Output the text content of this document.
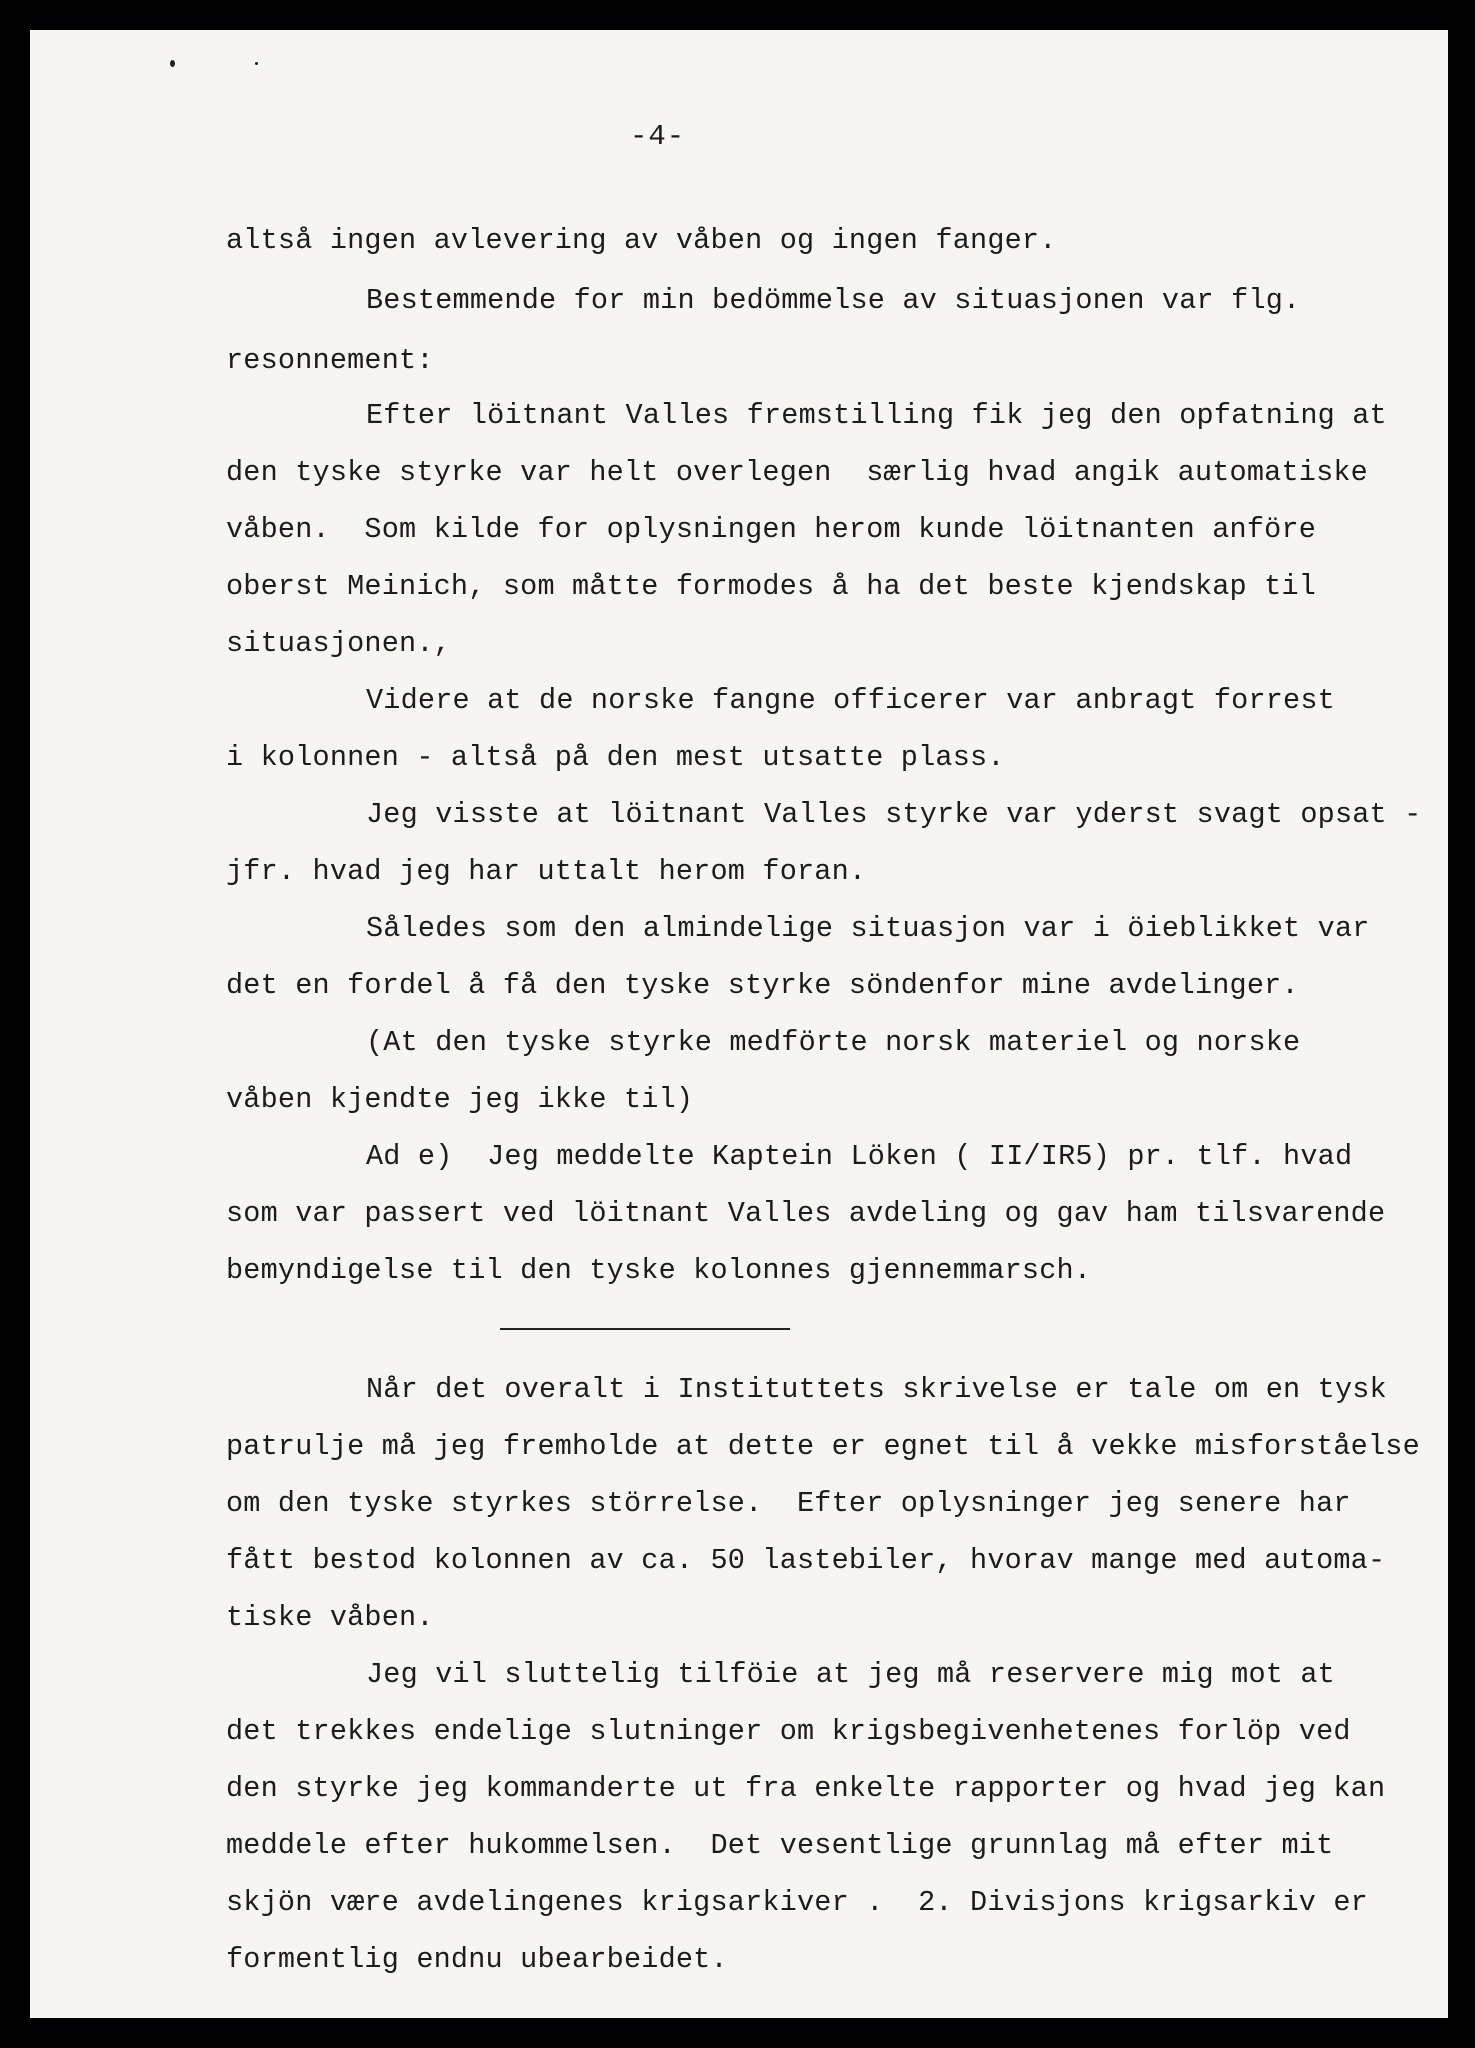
-4-
altså ingen avlevering av våben og ingen fanger.
Bestemmende for min bedömmelse av situasjonen var flg.
resonnement:
Efter löitnant Valles fremstilling fik jeg den opfatning at
den tyske styrke var helt overlegen  særlig hvad angik automatiske
våben.  Som kilde for oplysningen herom kunde löitnanten anföre
oberst Meinich, som måtte formodes å ha det beste kjendskap til
situasjonen.,
Videre at de norske fangne officerer var anbragt forrest
i kolonnen - altså på den mest utsatte plass.
Jeg visste at löitnant Valles styrke var yderst svagt opsat -
jfr. hvad jeg har uttalt herom foran.
Således som den almindelige situasjon var i öieblikket var
det en fordel å få den tyske styrke söndenfor mine avdelinger.
(At den tyske styrke medförte norsk materiel og norske
våben kjendte jeg ikke til)
Ad e)  Jeg meddelte Kaptein Löken ( II/IR5) pr. tlf. hvad
som var passert ved löitnant Valles avdeling og gav ham tilsvarende
bemyndigelse til den tyske kolonnes gjennemmarsch.
Når det overalt i Instituttets skrivelse er tale om en tysk
patrulje må jeg fremholde at dette er egnet til å vekke misforståelse
om den tyske styrkes störrelse.  Efter oplysninger jeg senere har
fått bestod kolonnen av ca. 50 lastebiler, hvorav mange med automa-
tiske våben.
Jeg vil sluttelig tilföie at jeg må reservere mig mot at
det trekkes endelige slutninger om krigsbegivenhetenes forlöp ved
den styrke jeg kommanderte ut fra enkelte rapporter og hvad jeg kan
meddele efter hukommelsen.  Det vesentlige grunnlag må efter mit
skjön være avdelingenes krigsarkiver .  2. Divisjons krigsarkiv er
formentlig endnu ubearbeidet.
